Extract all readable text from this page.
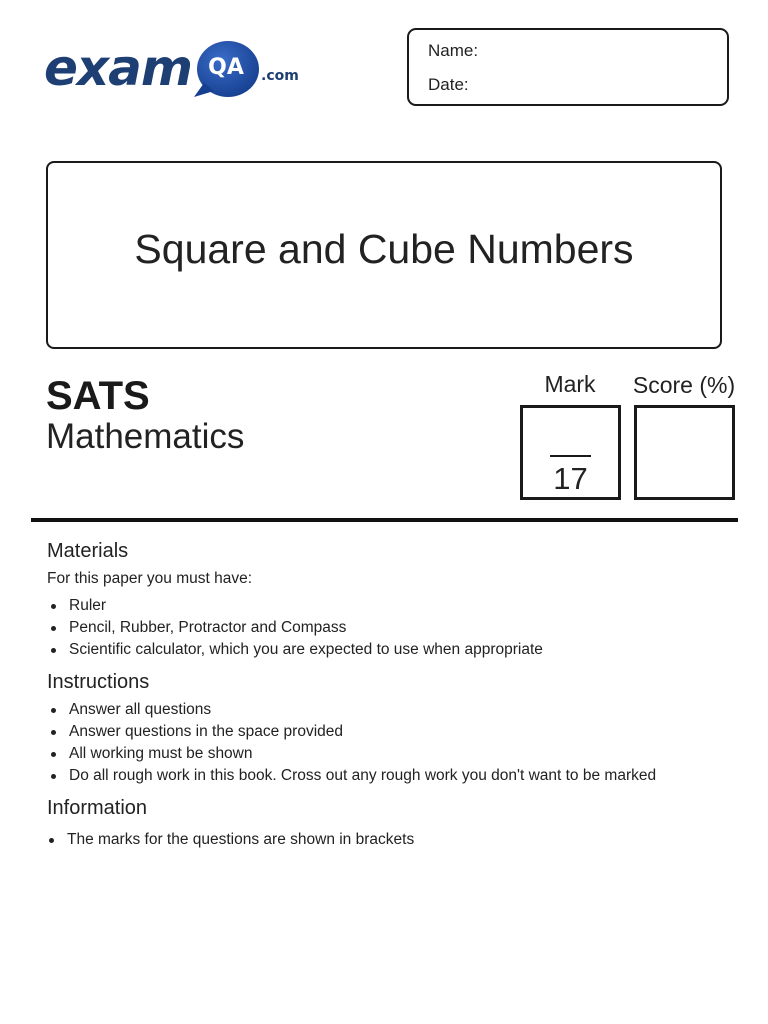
exam QA	.com
Name:
Date:
Square and Cube Numbers
SATS
Mathematics
Mark	Score (%)
17
Materials
For this paper you must have:
Ruler
Pencil, Rubber, Protractor and Compass
Scientific calculator, which you are expected to use when appropriate
Instructions
Answer all questions
Answer questions in the space provided
All working must be shown
Do all rough work in this book. Cross out any rough work you don't want to be marked
Information
The marks for the questions are shown in brackets
